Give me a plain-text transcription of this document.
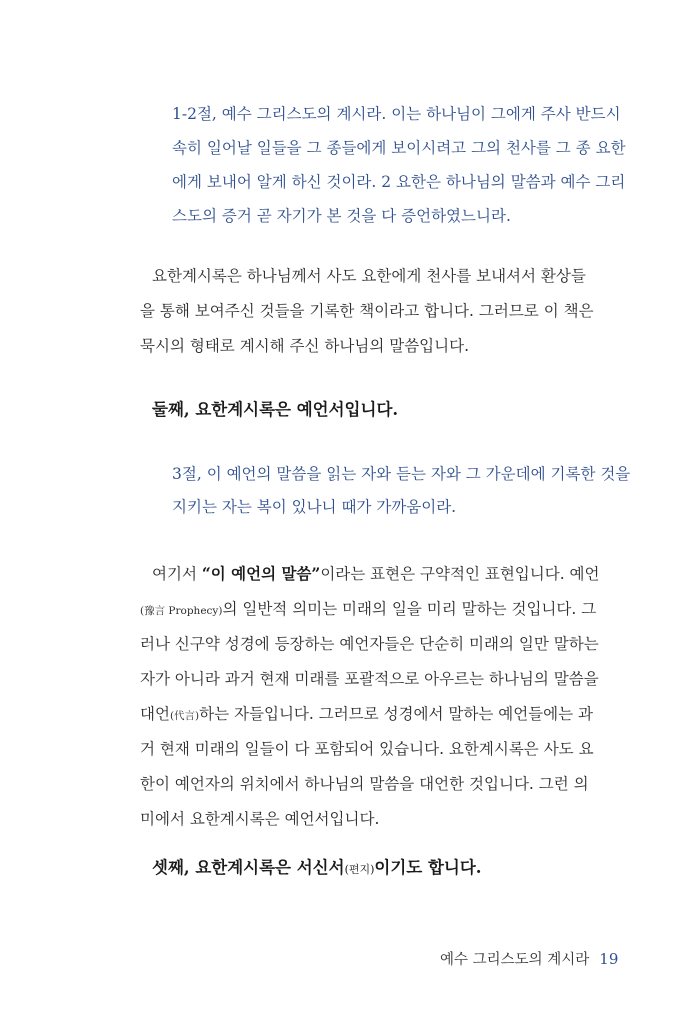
1-2절, 예수 그리스도의 계시라. 이는 하나님이 그에게 주사 반드시
속히 일어날 일들을 그 종들에게 보이시려고 그의 천사를 그 종 요한
에게 보내어 알게 하신 것이라. 2 요한은 하나님의 말씀과 예수 그리
스도의 증거 곧 자기가 본 것을 다 증언하였느니라.
요한계시록은 하나님께서 사도 요한에게 천사를 보내셔서 환상들
을 통해 보여주신 것들을 기록한 책이라고 합니다. 그러므로 이 책은
묵시의 형태로 계시해 주신 하나님의 말씀입니다.
둘째, 요한계시록은 예언서입니다.
3절, 이 예언의 말씀을 읽는 자와 듣는 자와 그 가운데에 기록한 것을
지키는 자는 복이 있나니 때가 가까움이라.
여기서 “이 예언의 말씀”이라는 표현은 구약적인 표현입니다. 예언
(豫言 Prophecy)의 일반적 의미는 미래의 일을 미리 말하는 것입니다. 그
러나 신구약 성경에 등장하는 예언자들은 단순히 미래의 일만 말하는
자가 아니라 과거 현재 미래를 포괄적으로 아우르는 하나님의 말씀을
대언(代言)하는 자들입니다. 그러므로 성경에서 말하는 예언들에는 과
거 현재 미래의 일들이 다 포함되어 있습니다. 요한계시록은 사도 요
한이 예언자의 위치에서 하나님의 말씀을 대언한 것입니다. 그런 의
미에서 요한계시록은 예언서입니다.
셋째, 요한계시록은 서신서(편지)이기도 합니다.
예수 그리스도의 계시라 19
